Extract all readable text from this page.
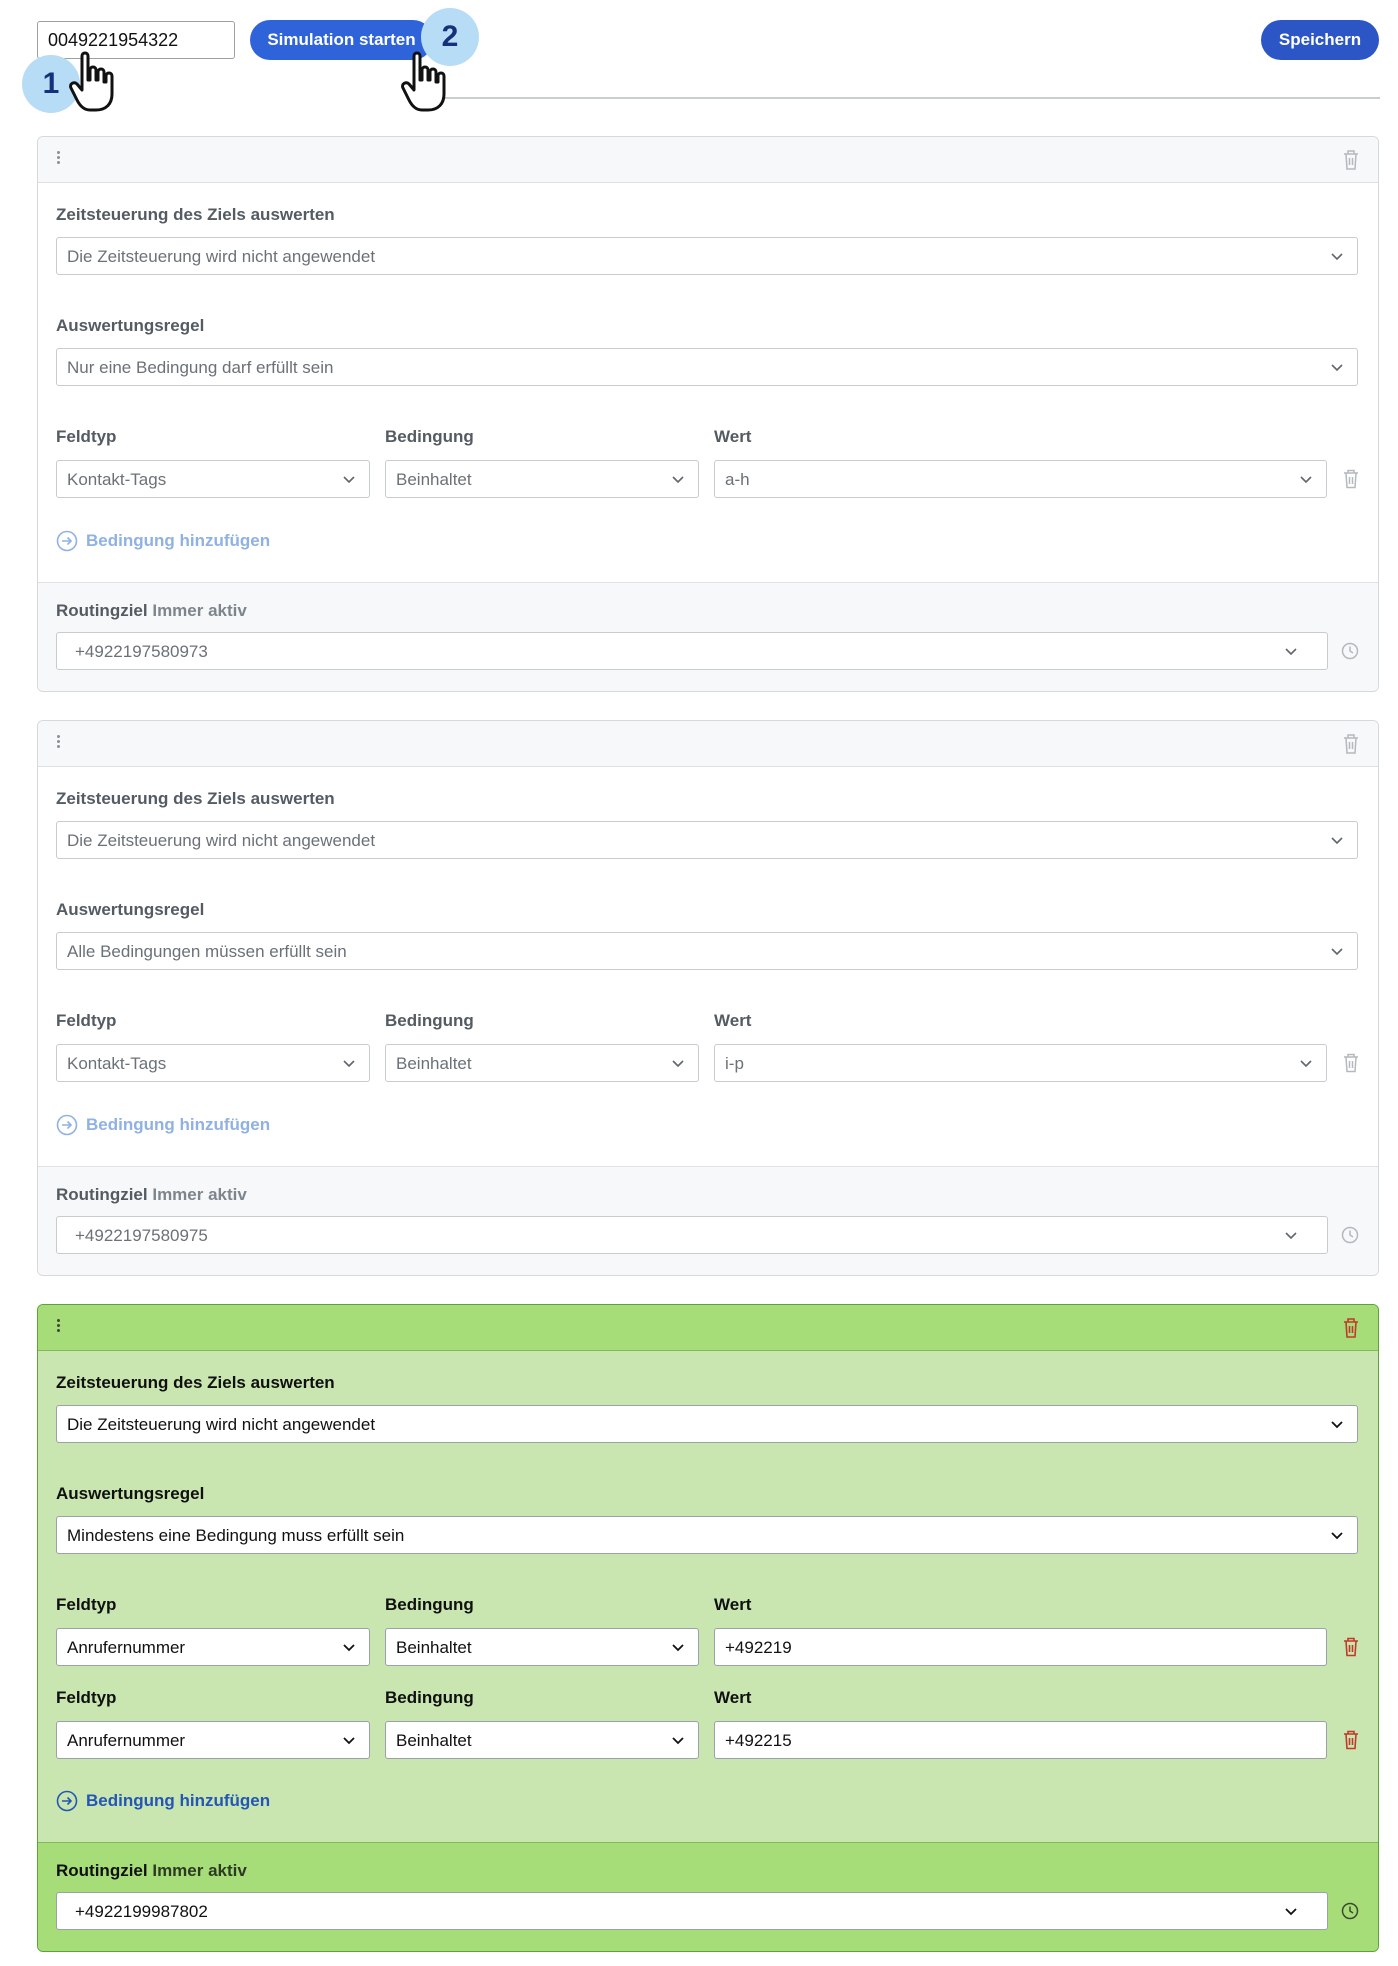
0049221954322
Simulation starten	Speichern
1
2
Zeitsteuerung des Ziels auswerten
Die Zeitsteuerung wird nicht angewendet
Auswertungsregel
Nur eine Bedingung darf erfüllt sein
Feldtyp	Bedingung	Wert
Kontakt-Tags	Beinhaltet	a-h
Bedingung hinzufügen
Routingziel Immer aktiv
+4922197580973
Zeitsteuerung des Ziels auswerten
Die Zeitsteuerung wird nicht angewendet
Auswertungsregel
Alle Bedingungen müssen erfüllt sein
Feldtyp	Bedingung	Wert
Kontakt-Tags	Beinhaltet	i-p
Bedingung hinzufügen
Routingziel Immer aktiv
+4922197580975
Zeitsteuerung des Ziels auswerten
Die Zeitsteuerung wird nicht angewendet
Auswertungsregel
Mindestens eine Bedingung muss erfüllt sein
Feldtyp	Bedingung	Wert
Anrufernummer	Beinhaltet	+492219
Feldtyp	Bedingung	Wert
Anrufernummer	Beinhaltet	+492215
Bedingung hinzufügen
Routingziel Immer aktiv
+4922199987802
